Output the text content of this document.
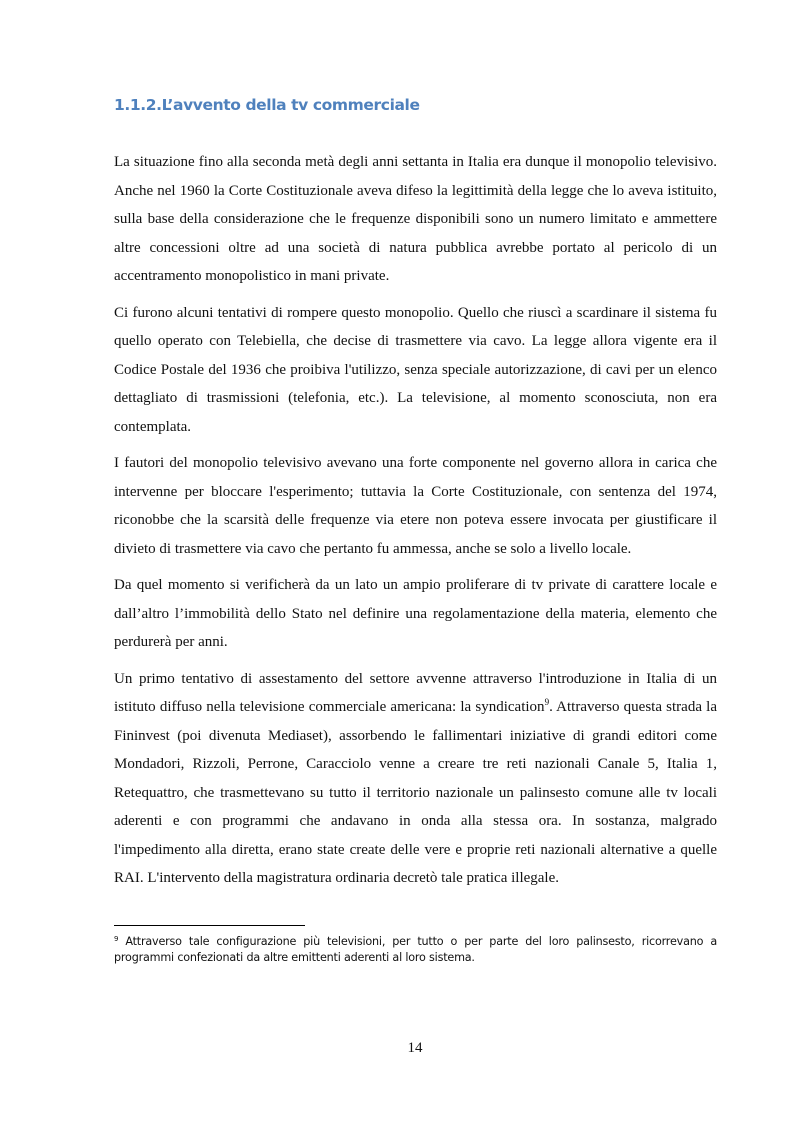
1.1.2.L’avvento della tv commerciale

La situazione fino alla seconda metà degli anni settanta in Italia era dunque il monopolio televisivo. Anche nel 1960 la Corte Costituzionale aveva difeso la legittimità della legge che lo aveva istituito, sulla base della considerazione che le frequenze disponibili sono un numero limitato e ammettere altre concessioni oltre ad una società di natura pubblica avrebbe portato al pericolo di un accentramento monopolistico in mani private.

Ci furono alcuni tentativi di rompere questo monopolio. Quello che riuscì a scardinare il sistema fu quello operato con Telebiella, che decise di trasmettere via cavo. La legge allora vigente era il Codice Postale del 1936 che proibiva l'utilizzo, senza speciale autorizzazione, di cavi per un elenco dettagliato di trasmissioni (telefonia, etc.). La televisione, al momento sconosciuta, non era contemplata.

I fautori del monopolio televisivo avevano una forte componente nel governo allora in carica che intervenne per bloccare l'esperimento; tuttavia la Corte Costituzionale, con sentenza del 1974, riconobbe che la scarsità delle frequenze via etere non poteva essere invocata per giustificare il divieto di trasmettere via cavo che pertanto fu ammessa, anche se solo a livello locale.

Da quel momento si verificherà da un lato un ampio proliferare di tv private di carattere locale e dall’altro l’immobilità dello Stato nel definire una regolamentazione della materia, elemento che perdurerà per anni.

Un primo tentativo di assestamento del settore avvenne attraverso l'introduzione in Italia di un istituto diffuso nella televisione commerciale americana: la syndication$^9$. Attraverso questa strada la Fininvest (poi divenuta Mediaset), assorbendo le fallimentari iniziative di grandi editori come Mondadori, Rizzoli, Perrone, Caracciolo venne a creare tre reti nazionali Canale 5, Italia 1, Retequattro, che trasmettevano su tutto il territorio nazionale un palinsesto comune alle tv locali aderenti e con programmi che andavano in onda alla stessa ora. In sostanza, malgrado l'impedimento alla diretta, erano state create delle vere e proprie reti nazionali alternative a quelle RAI. L'intervento della magistratura ordinaria decretò tale pratica illegale.

$^9$ Attraverso tale configurazione più televisioni, per tutto o per parte del loro palinsesto, ricorrevano a programmi confezionati da altre emittenti aderenti al loro sistema.
14
